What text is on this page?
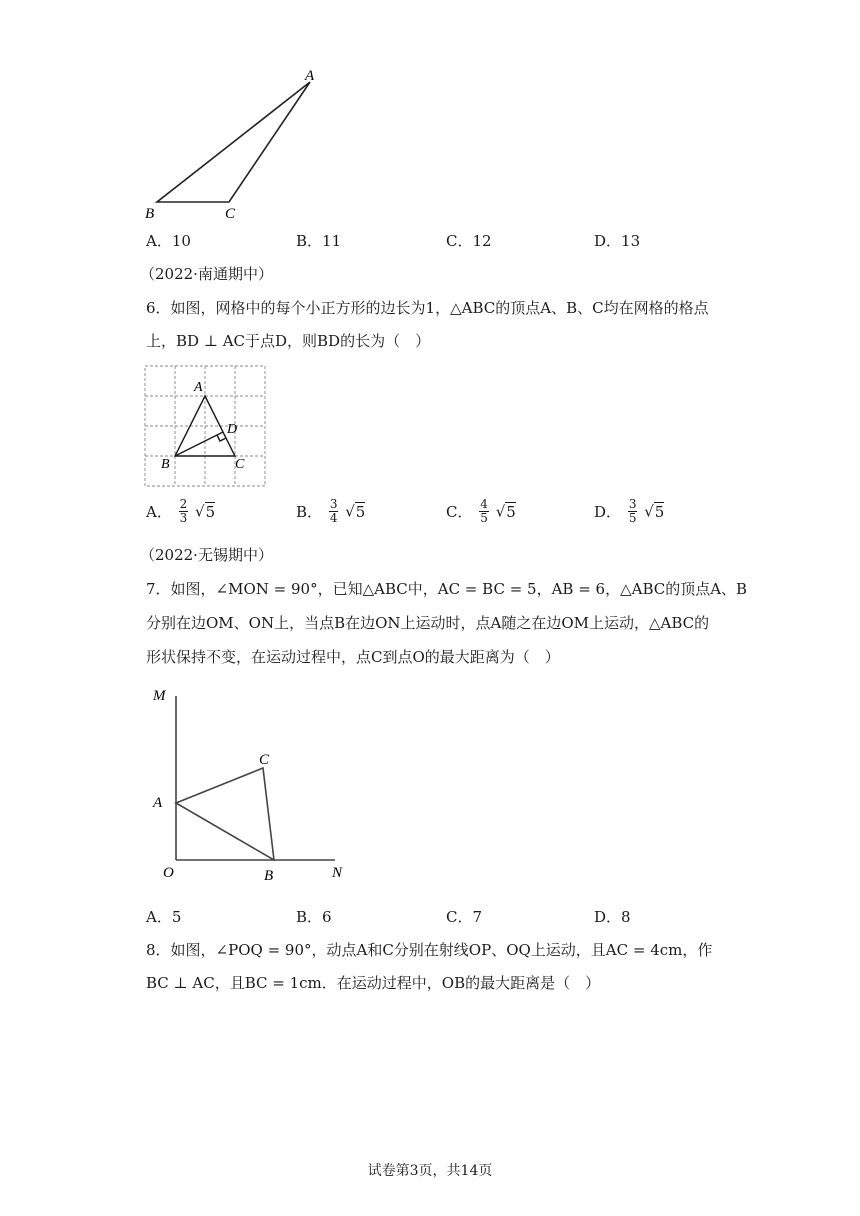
A
B	C
A．10	B．11	C．12	D．13
（2022·南通期中）
6．如图，网格中的每个小正方形的边长为1，△ABC的顶点A、B、C均在网格的格点
上，BD ⊥ AC于点D，则BD的长为（　）
A
B	C
D
A． $\frac{2}{3} √5$	B． $\frac{3}{4} √5$	C． $\frac{4}{5} √5$	D． $\frac{3}{5} √5$
（2022·无锡期中）
7．如图，∠MON = 90°，已知△ABC中，AC = BC = 5，AB = 6，△ABC的顶点A、B
分别在边OM、ON上，当点B在边ON上运动时，点A随之在边OM上运动，△ABC的
形状保持不变，在运动过程中，点C到点O的最大距离为（　）
M
A
C
O	B	N
A．5	B．6	C．7	D．8
8．如图，∠POQ = 90°，动点A和C分别在射线OP、OQ上运动，且AC = 4cm，作
BC ⊥ AC，且BC = 1cm．在运动过程中，OB的最大距离是（　）
试卷第3页，共14页
